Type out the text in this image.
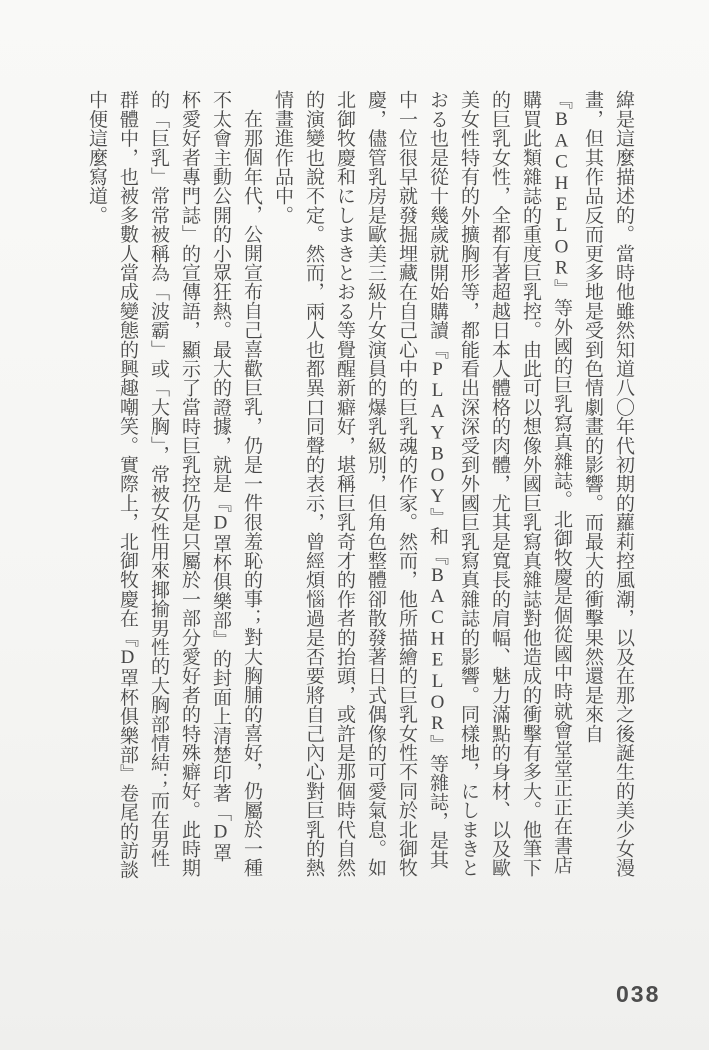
緯是這麼描述的。當時他雖然知道八〇年代初期的蘿莉控風潮，以及在那之後誕生的美少女漫畫，但其作品反而更多地是受到色情劇畫的影響。而最大的衝擊果然還是來自『BACHELOR』等外國的巨乳寫真雜誌。北御牧慶是個從國中時就會堂堂正正在書店購買此類雜誌的重度巨乳控。由此可以想像外國巨乳寫真雜誌對他造成的衝擊有多大。他筆下的巨乳女性，全都有著超越日本人體格的肉體，尤其是寬長的肩幅、魅力滿點的身材、以及歐美女性特有的外擴胸形等，都能看出深深受到外國巨乳寫真雜誌的影響。同樣地，にしまきとおる也是從十幾歲就開始購讀『PLAYBOY』和『BACHELOR』等雜誌，是其中一位很早就發掘埋藏在自己心中的巨乳魂的作家。然而，他所描繪的巨乳女性不同於北御牧慶，儘管乳房是歐美三級片女演員的爆乳級別，但角色整體卻散發著日式偶像的可愛氣息。如北御牧慶和にしまきとおる等覺醒新癖好，堪稱巨乳奇才的作者的抬頭，或許是那個時代自然的演變也說不定。然而，兩人也都異口同聲的表示，曾經煩惱過是否要將自己內心對巨乳的熱情畫進作品中。

在那個年代，公開宣布自己喜歡巨乳，仍是一件很羞恥的事；對大胸脯的喜好，仍屬於一種不太會主動公開的小眾狂熱。最大的證據，就是『D罩杯俱樂部』的封面上清楚印著「D罩杯愛好者專門誌」的宣傳語，顯示了當時巨乳控仍是只屬於一部分愛好者的特殊癖好。此時期的「巨乳」常常被稱為「波霸」或「大胸」，常被女性用來揶揄男性的大胸部情結；而在男性群體中，也被多數人當成變態的興趣嘲笑。實際上，北御牧慶在『D罩杯俱樂部』卷尾的訪談中便這麼寫道。

038
